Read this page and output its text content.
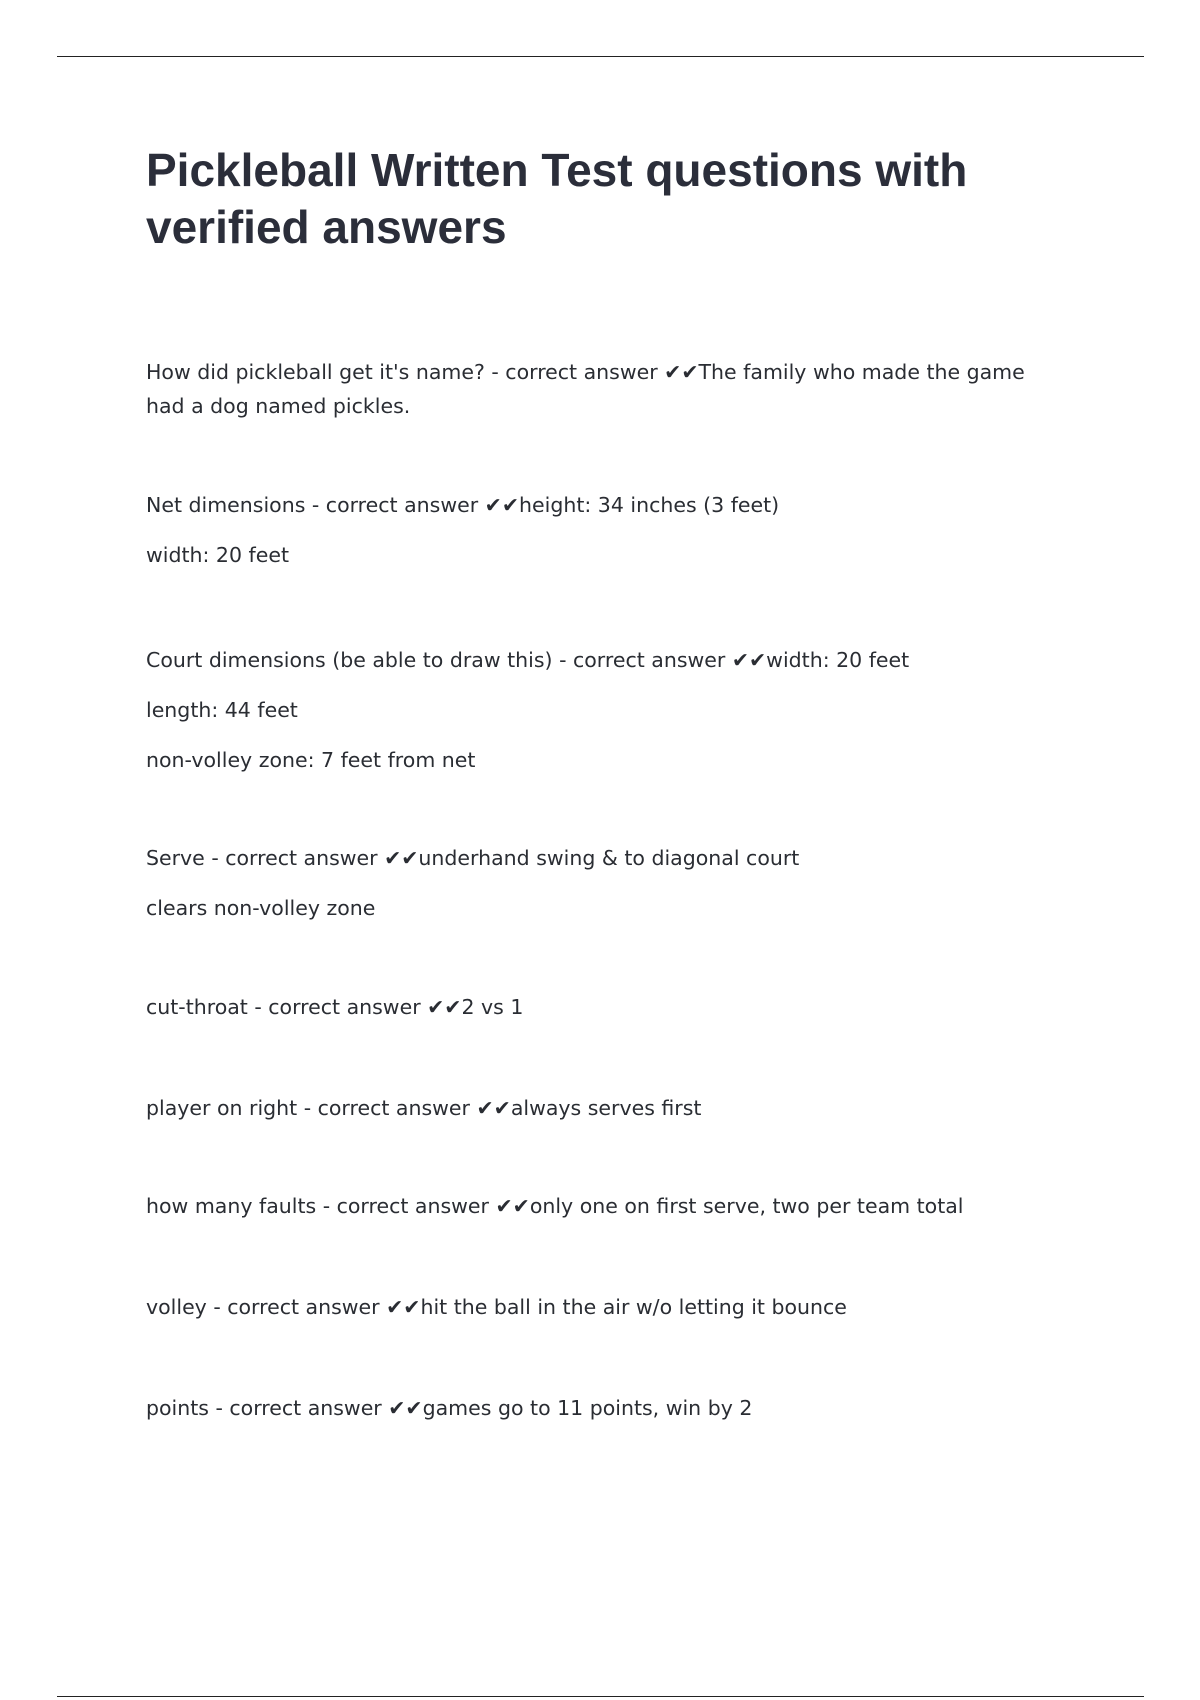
Pickleball Written Test questions with verified answers

How did pickleball get it's name? - correct answer ✔✔The family who made the game had a dog named pickles.

Net dimensions - correct answer ✔✔height: 34 inches (3 feet)

width: 20 feet

Court dimensions (be able to draw this) - correct answer ✔✔width: 20 feet

length: 44 feet
non-volley zone: 7 feet from net

Serve - correct answer ✔✔underhand swing & to diagonal court

clears non-volley zone

cut-throat - correct answer ✔✔2 vs 1

player on right - correct answer ✔✔always serves first

how many faults - correct answer ✔✔only one on first serve, two per team total

volley - correct answer ✔✔hit the ball in the air w/o letting it bounce

points - correct answer ✔✔games go to 11 points, win by 2
